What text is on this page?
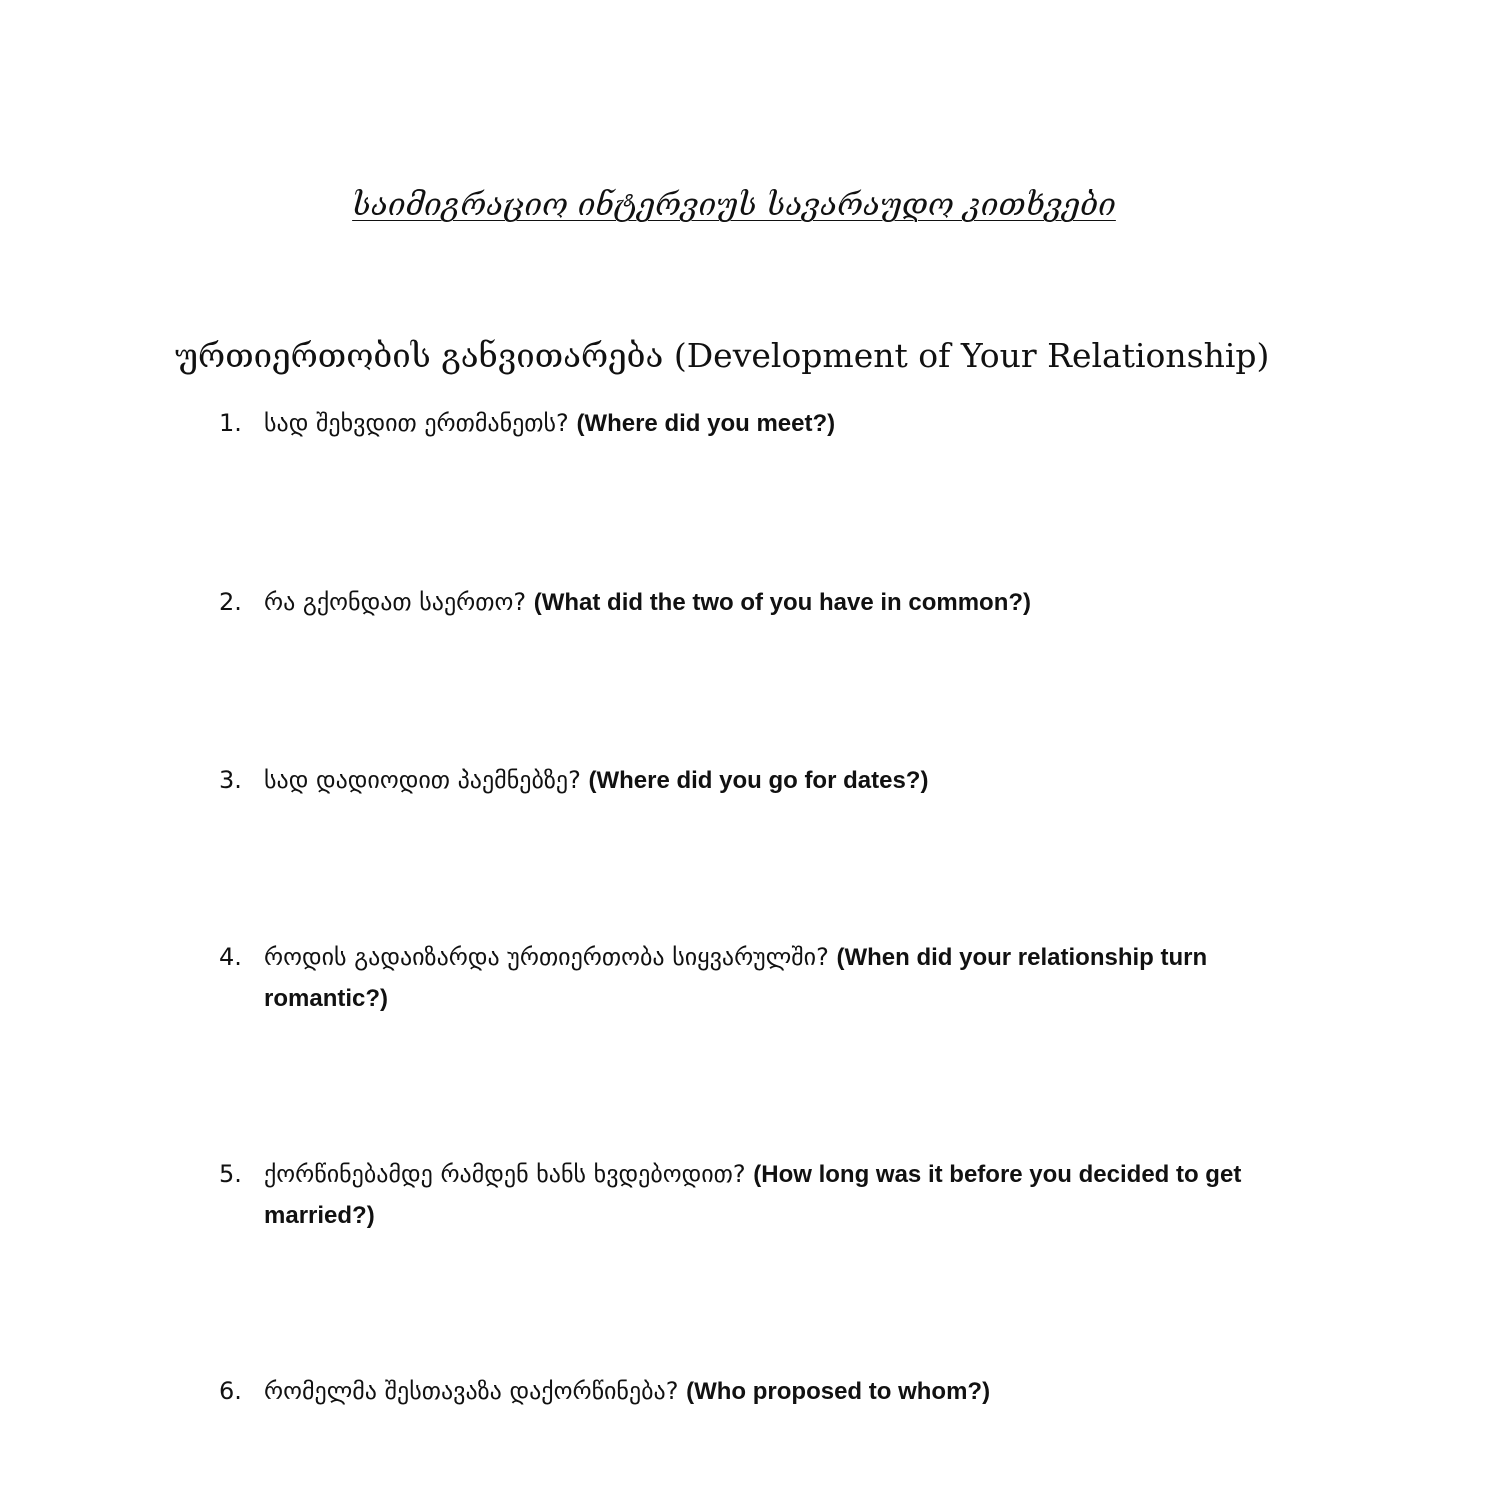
საიმიგრაციო ინტერვიუს სავარაუდო კითხვები
ურთიერთობის განვითარება (Development of Your Relationship)
1. სად შეხვდით ერთმანეთს? (Where did you meet?)
2. რა გქონდათ საერთო? (What did the two of you have in common?)
3. სად დადიოდით პაემნებზე? (Where did you go for dates?)
4. როდის გადაიზარდა ურთიერთობა სიყვარულში? (When did your relationship turn romantic?)
5. ქორწინებამდე რამდენ ხანს ხვდებოდით? (How long was it before you decided to get married?)
6. რომელმა შესთავაზა დაქორწინება? (Who proposed to whom?)
